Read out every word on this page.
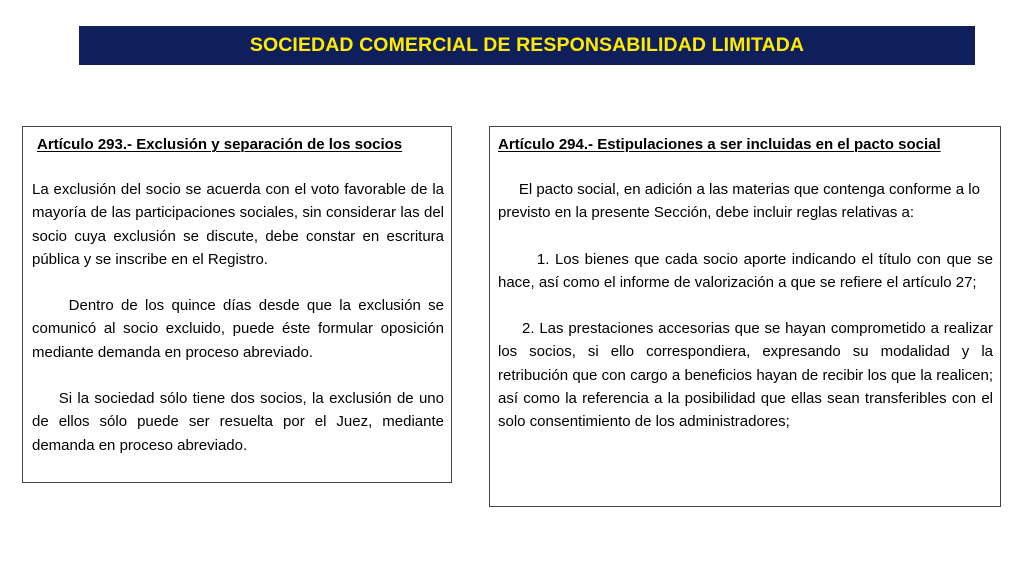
SOCIEDAD COMERCIAL DE RESPONSABILIDAD LIMITADA
Artículo 293.- Exclusión y separación de los socios

La exclusión del socio se acuerda con el voto favorable de la mayoría de las participaciones sociales, sin considerar las del socio cuya exclusión se discute, debe constar en escritura pública y se inscribe en el Registro.

Dentro de los quince días desde que la exclusión se comunicó al socio excluido, puede éste formular oposición mediante demanda en proceso abreviado.

Si la sociedad sólo tiene dos socios, la exclusión de uno de ellos sólo puede ser resuelta por el Juez, mediante demanda en proceso abreviado.

Artículo 294.- Estipulaciones a ser incluidas en el pacto social

El pacto social, en adición a las materias que contenga conforme a lo previsto en la presente Sección, debe incluir reglas relativas a:

1. Los bienes que cada socio aporte indicando el título con que se hace, así como el informe de valorización a que se refiere el artículo 27;

2. Las prestaciones accesorias que se hayan comprometido a realizar los socios, si ello correspondiera, expresando su modalidad y la retribución que con cargo a beneficios hayan de recibir los que la realicen; así como la referencia a la posibilidad que ellas sean transferibles con el solo consentimiento de los administradores;
